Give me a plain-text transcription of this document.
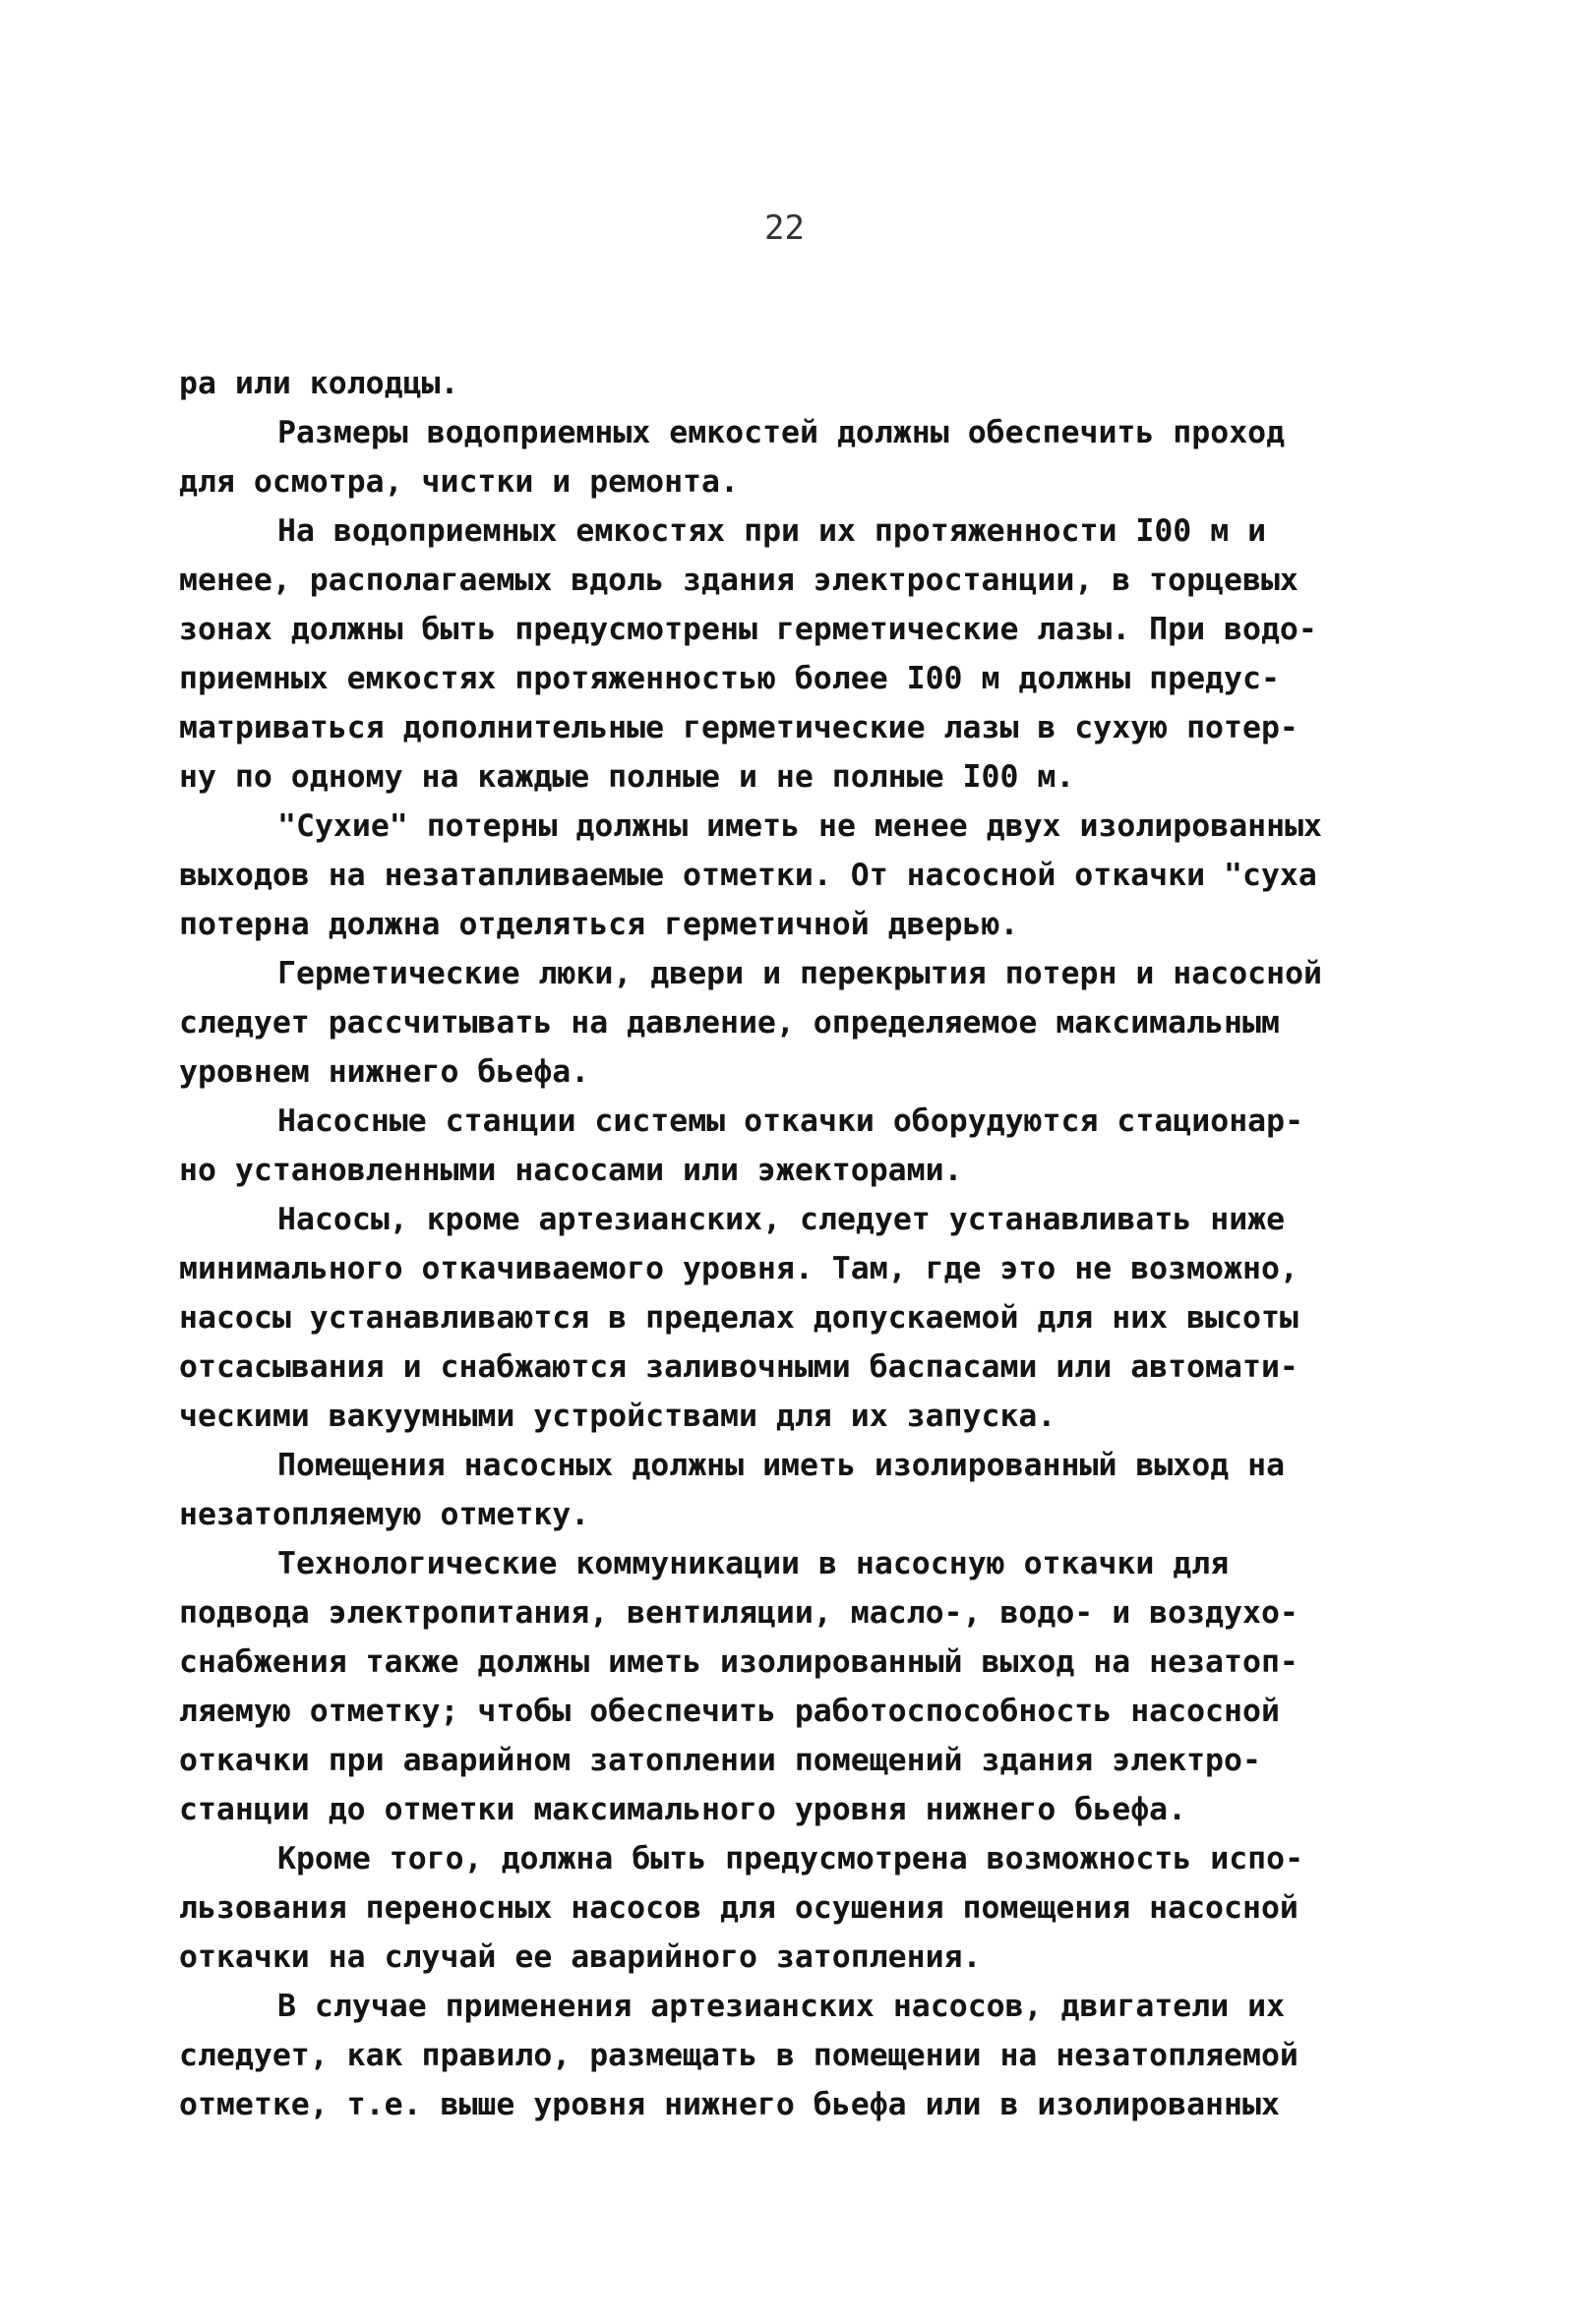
22
ра или колодцы.
Размеры водоприемных емкостей должны обеспечить проход
для осмотра, чистки и ремонта.
На водоприемных емкостях при их протяженности I00 м и
менее, располагаемых вдоль здания электростанции, в торцевых
зонах должны быть предусмотрены герметические лазы. При водо-
приемных емкостях протяженностью более I00 м должны предус-
матриваться дополнительные герметические лазы в сухую потер-
ну по одному на каждые полные и не полные I00 м.
"Сухие" потерны должны иметь не менее двух изолированных
выходов на незатапливаемые отметки. От насосной откачки "суха
потерна должна отделяться герметичной дверью.
Герметические люки, двери и перекрытия потерн и насосной
следует рассчитывать на давление, определяемое максимальным
уровнем нижнего бьефа.
Насосные станции системы откачки оборудуются стационар-
но установленными насосами или эжекторами.
Насосы, кроме артезианских, следует устанавливать ниже
минимального откачиваемого уровня. Там, где это не возможно,
насосы устанавливаются в пределах допускаемой для них высоты
отсасывания и снабжаются заливочными баспасами или автомати-
ческими вакуумными устройствами для их запуска.
Помещения насосных должны иметь изолированный выход на
незатопляемую отметку.
Технологические коммуникации в насосную откачки для
подвода электропитания, вентиляции, масло-, водо- и воздухо-
снабжения также должны иметь изолированный выход на незатоп-
ляемую отметку; чтобы обеспечить работоспособность насосной
откачки при аварийном затоплении помещений здания электро-
станции до отметки максимального уровня нижнего бьефа.
Кроме того, должна быть предусмотрена возможность испо-
льзования переносных насосов для осушения помещения насосной
откачки на случай ее аварийного затопления.
В случае применения артезианских насосов, двигатели их
следует, как правило, размещать в помещении на незатопляемой
отметке, т.е. выше уровня нижнего бьефа или в изолированных
